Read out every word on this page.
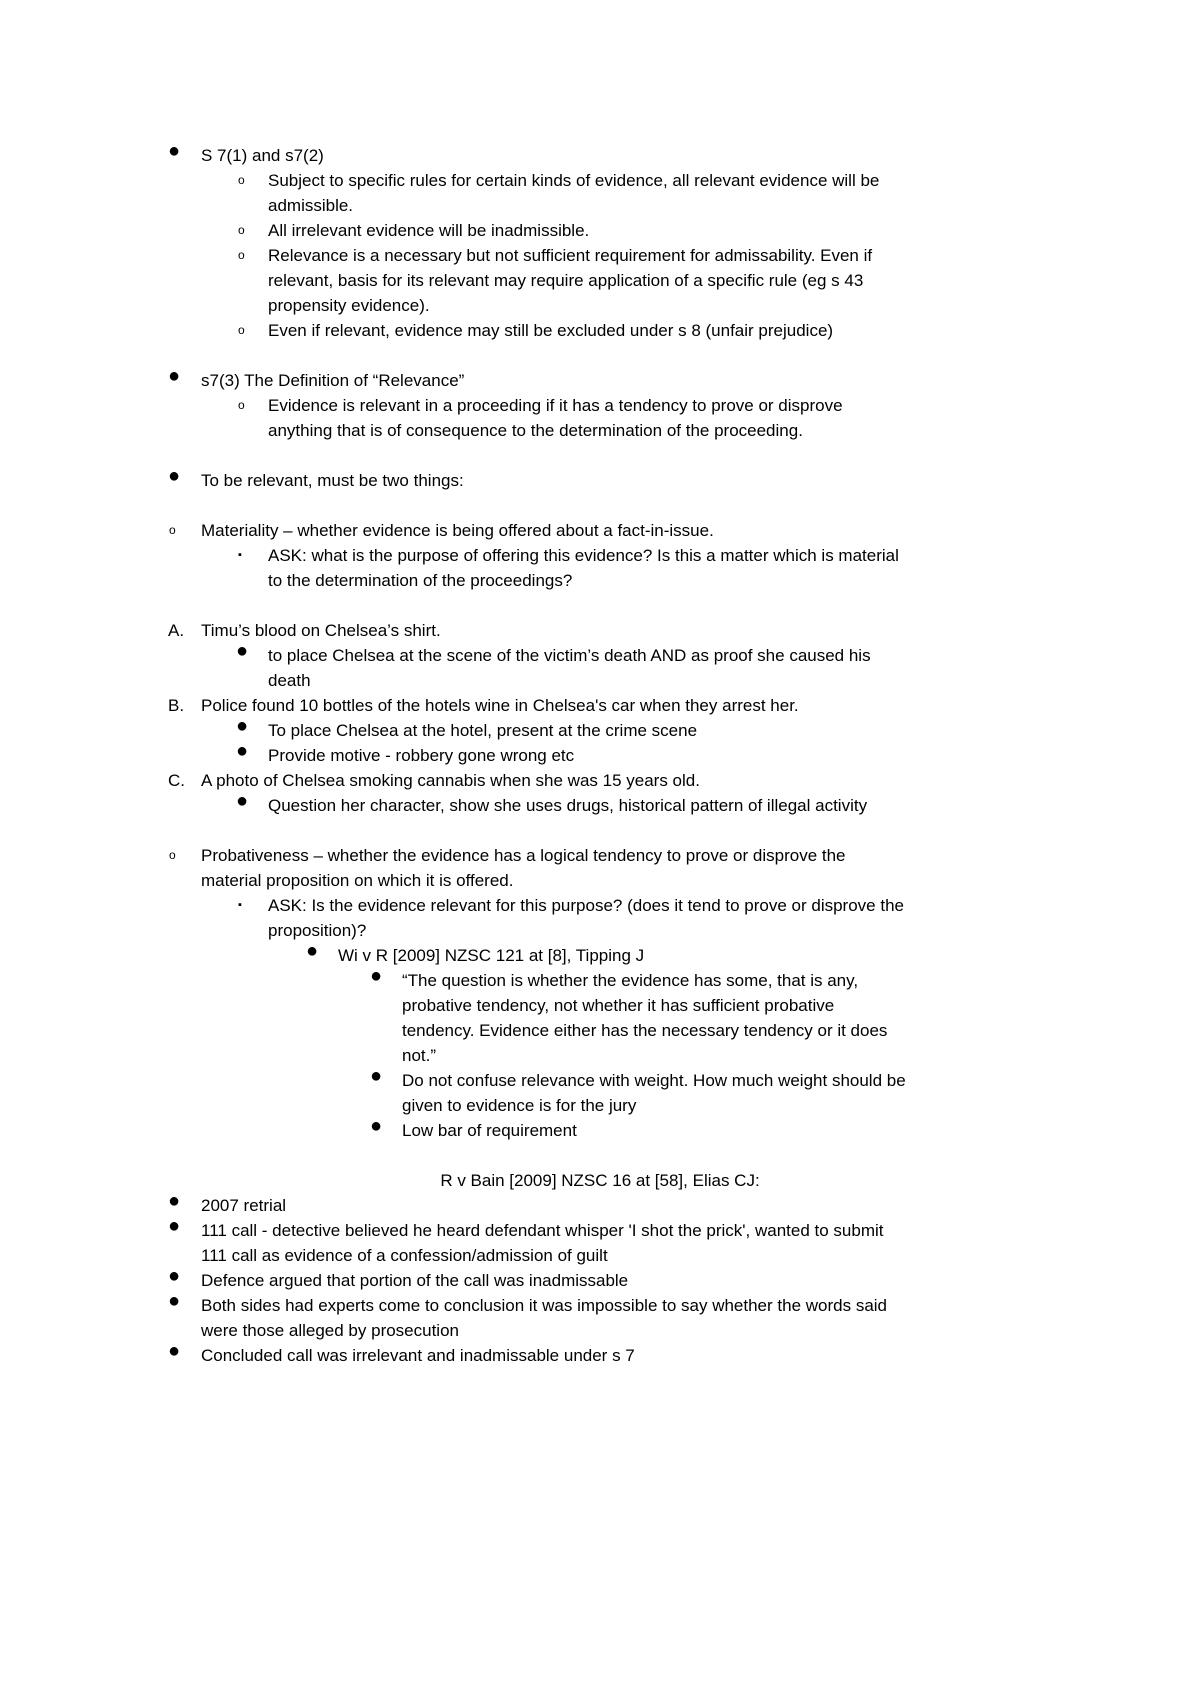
● S 7(1) and s7(2)
o Subject to specific rules for certain kinds of evidence, all relevant evidence will be
admissible.
o All irrelevant evidence will be inadmissible.
o Relevance is a necessary but not sufficient requirement for admissability. Even if
relevant, basis for its relevant may require application of a specific rule (eg s 43
propensity evidence).
o Even if relevant, evidence may still be excluded under s 8 (unfair prejudice)
● s7(3) The Definition of “Relevance”
o Evidence is relevant in a proceeding if it has a tendency to prove or disprove
anything that is of consequence to the determination of the proceeding.
● To be relevant, must be two things:
o Materiality – whether evidence is being offered about a fact-in-issue.
▪ ASK: what is the purpose of offering this evidence? Is this a matter which is material
to the determination of the proceedings?
A. Timu’s blood on Chelsea’s shirt.
● to place Chelsea at the scene of the victim’s death AND as proof she caused his
death
B. Police found 10 bottles of the hotels wine in Chelsea's car when they arrest her.
● To place Chelsea at the hotel, present at the crime scene
● Provide motive - robbery gone wrong etc
C. A photo of Chelsea smoking cannabis when she was 15 years old.
● Question her character, show she uses drugs, historical pattern of illegal activity
o Probativeness – whether the evidence has a logical tendency to prove or disprove the
material proposition on which it is offered.
▪ ASK: Is the evidence relevant for this purpose? (does it tend to prove or disprove the
proposition)?
● Wi v R [2009] NZSC 121 at [8], Tipping J
● “The question is whether the evidence has some, that is any,
probative tendency, not whether it has sufficient probative
tendency. Evidence either has the necessary tendency or it does
not.”
● Do not confuse relevance with weight. How much weight should be
given to evidence is for the jury
● Low bar of requirement
R v Bain [2009] NZSC 16 at [58], Elias CJ:
● 2007 retrial
● 111 call - detective believed he heard defendant whisper 'I shot the prick', wanted to submit
111 call as evidence of a confession/admission of guilt
● Defence argued that portion of the call was inadmissable
● Both sides had experts come to conclusion it was impossible to say whether the words said
were those alleged by prosecution
● Concluded call was irrelevant and inadmissable under s 7
